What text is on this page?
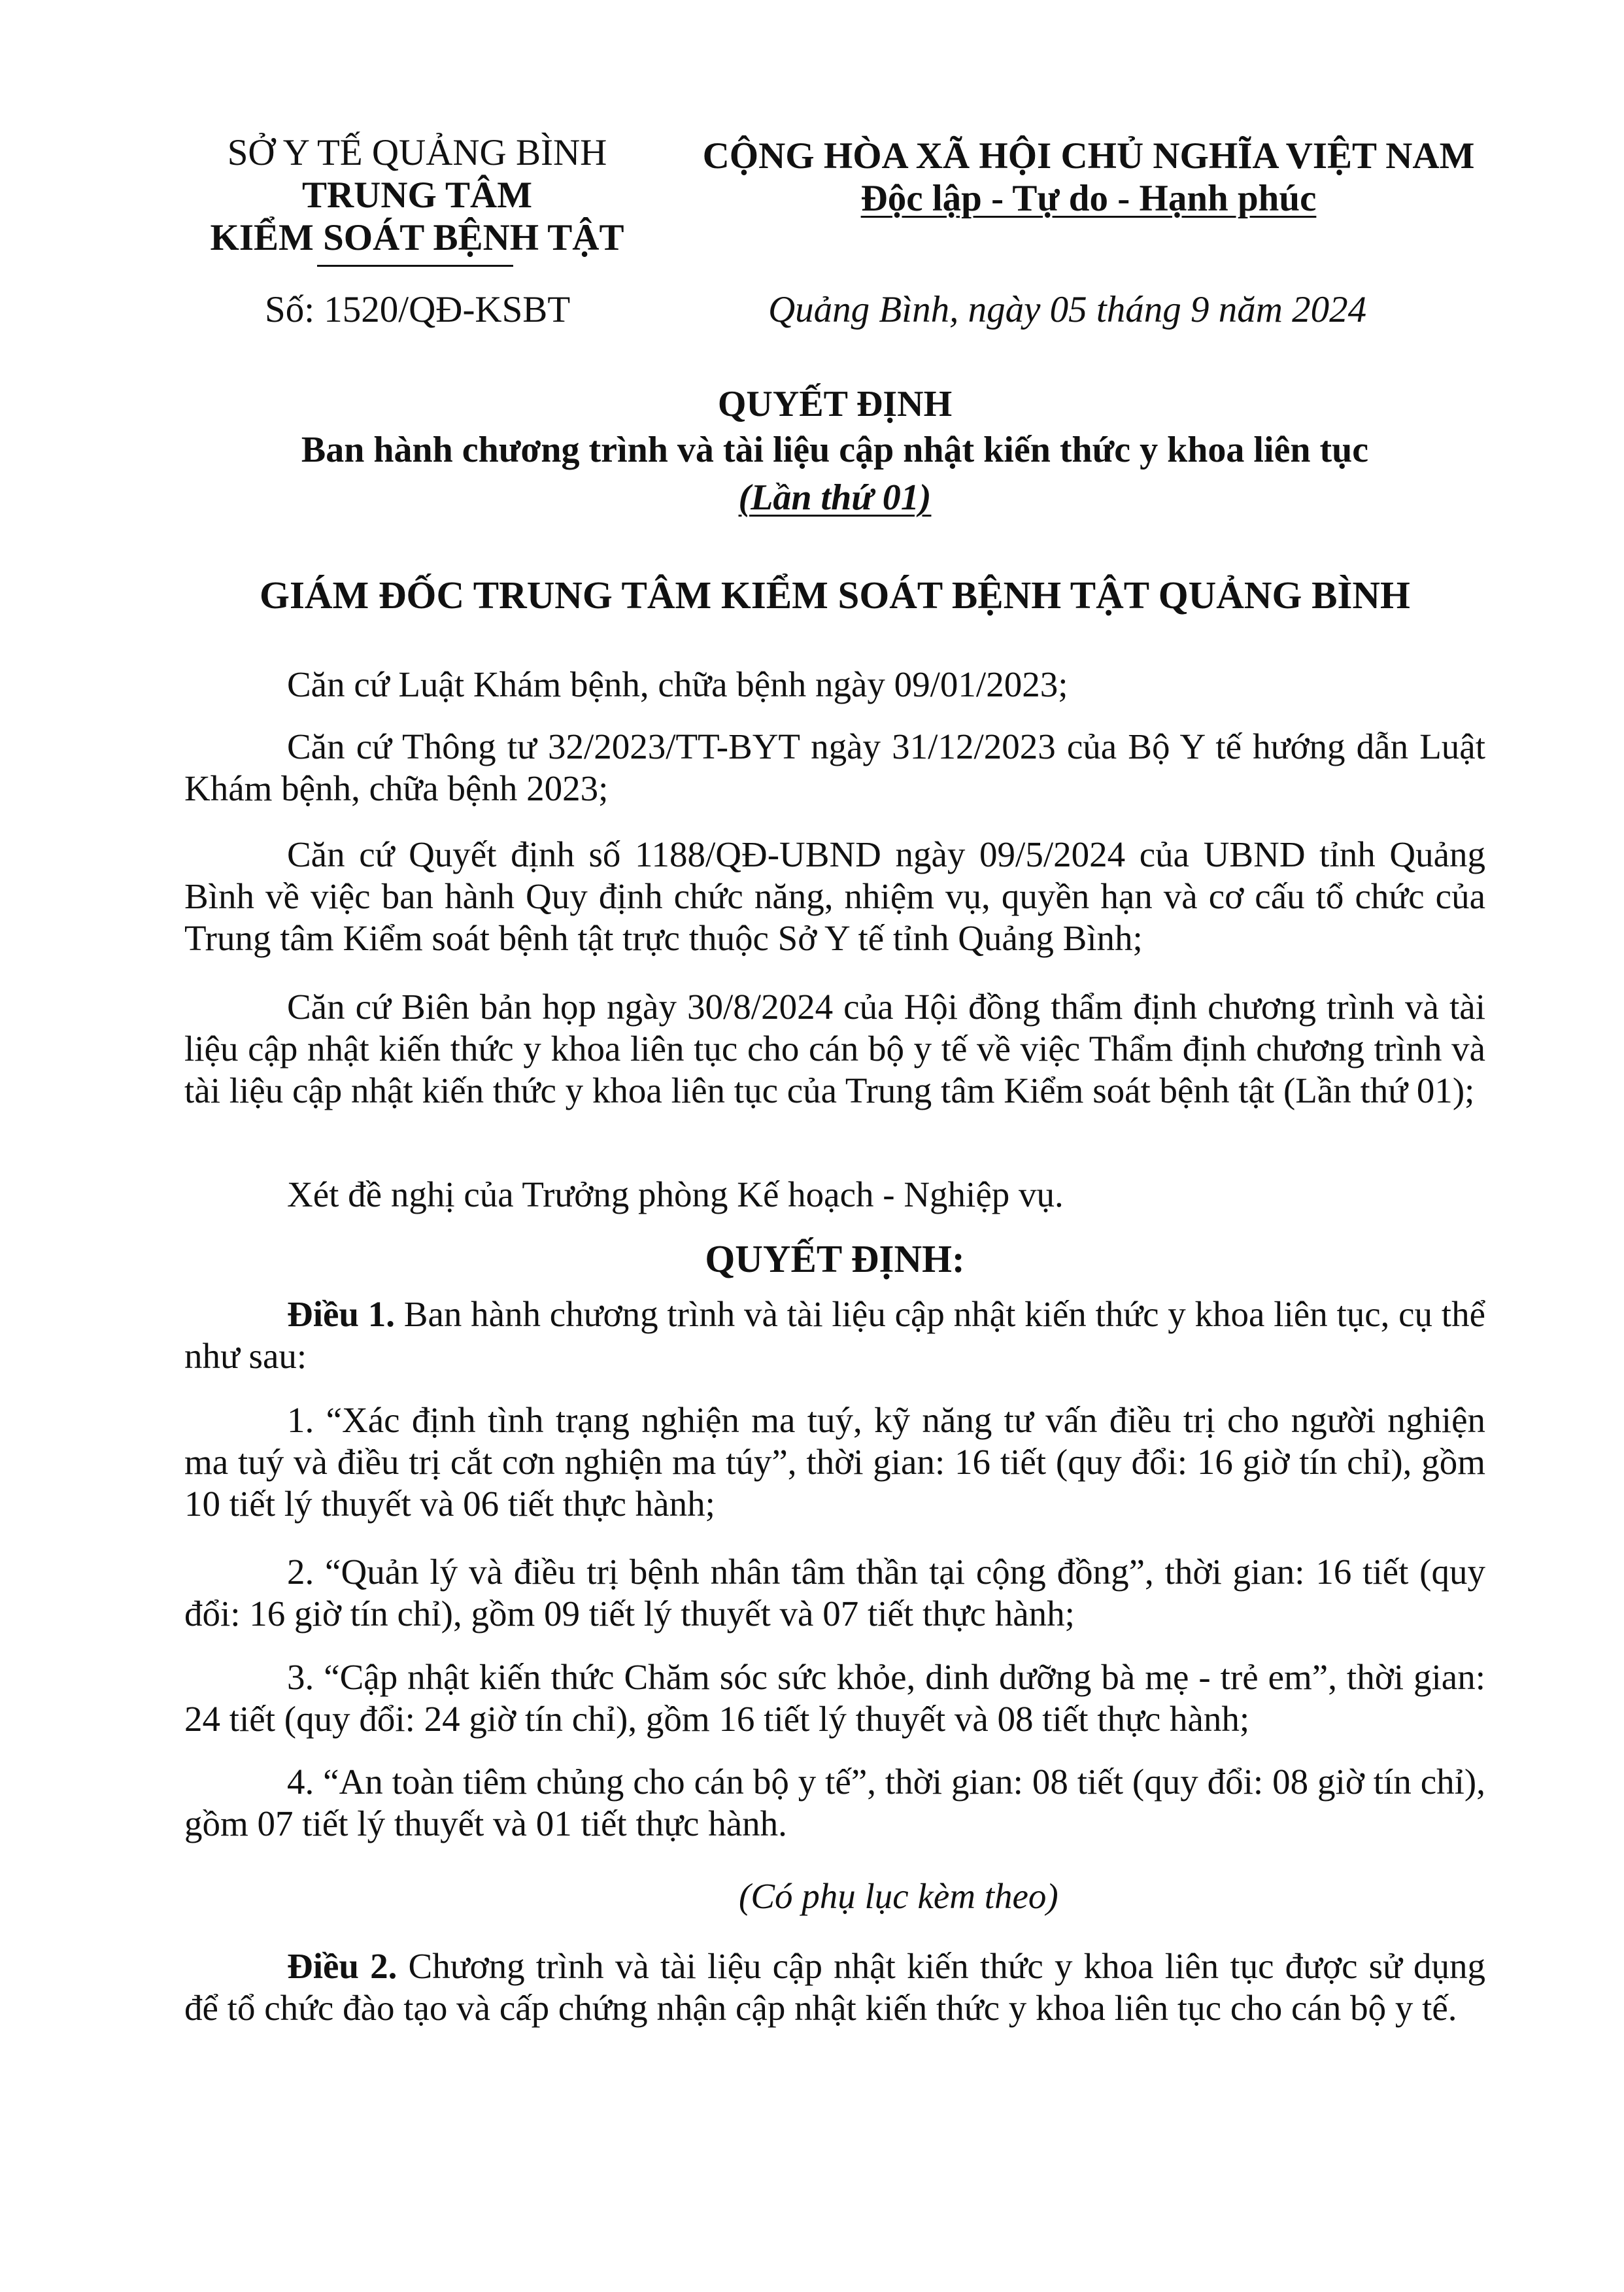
SỞ Y TẾ QUẢNG BÌNH
TRUNG TÂM
KIỂM SOÁT BỆNH TẬT
Số: 1520/QĐ-KSBT
CỘNG HÒA XÃ HỘI CHỦ NGHĨA VIỆT NAM
Độc lập - Tự do - Hạnh phúc
Quảng Bình, ngày 05 tháng 9 năm 2024
QUYẾT ĐỊNH
Ban hành chương trình và tài liệu cập nhật kiến thức y khoa liên tục
(Lần thứ 01)
GIÁM ĐỐC TRUNG TÂM KIỂM SOÁT BỆNH TẬT QUẢNG BÌNH
Căn cứ Luật Khám bệnh, chữa bệnh ngày 09/01/2023;
Căn cứ Thông tư 32/2023/TT-BYT ngày 31/12/2023 của Bộ Y tế hướng dẫn Luật Khám bệnh, chữa bệnh 2023;
Căn cứ Quyết định số 1188/QĐ-UBND ngày 09/5/2024 của UBND tỉnh Quảng Bình về việc ban hành Quy định chức năng, nhiệm vụ, quyền hạn và cơ cấu tổ chức của Trung tâm Kiểm soát bệnh tật trực thuộc Sở Y tế tỉnh Quảng Bình;
Căn cứ Biên bản họp ngày 30/8/2024 của Hội đồng thẩm định chương trình và tài liệu cập nhật kiến thức y khoa liên tục cho cán bộ y tế về việc Thẩm định chương trình và tài liệu cập nhật kiến thức y khoa liên tục của Trung tâm Kiểm soát bệnh tật (Lần thứ 01);
Xét đề nghị của Trưởng phòng Kế hoạch - Nghiệp vụ.
QUYẾT ĐỊNH:
Điều 1. Ban hành chương trình và tài liệu cập nhật kiến thức y khoa liên tục, cụ thể như sau:
1. “Xác định tình trạng nghiện ma tuý, kỹ năng tư vấn điều trị cho người nghiện ma tuý và điều trị cắt cơn nghiện ma túy”, thời gian: 16 tiết (quy đổi: 16 giờ tín chỉ), gồm 10 tiết lý thuyết và 06 tiết thực hành;
2. “Quản lý và điều trị bệnh nhân tâm thần tại cộng đồng”, thời gian: 16 tiết (quy đổi: 16 giờ tín chỉ), gồm 09 tiết lý thuyết và 07 tiết thực hành;
3. “Cập nhật kiến thức Chăm sóc sức khỏe, dinh dưỡng bà mẹ - trẻ em”, thời gian: 24 tiết (quy đổi: 24 giờ tín chỉ), gồm 16 tiết lý thuyết và 08 tiết thực hành;
4. “An toàn tiêm chủng cho cán bộ y tế”, thời gian: 08 tiết (quy đổi: 08 giờ tín chỉ), gồm 07 tiết lý thuyết và 01 tiết thực hành.
(Có phụ lục kèm theo)
Điều 2. Chương trình và tài liệu cập nhật kiến thức y khoa liên tục được sử dụng để tổ chức đào tạo và cấp chứng nhận cập nhật kiến thức y khoa liên tục cho cán bộ y tế.
